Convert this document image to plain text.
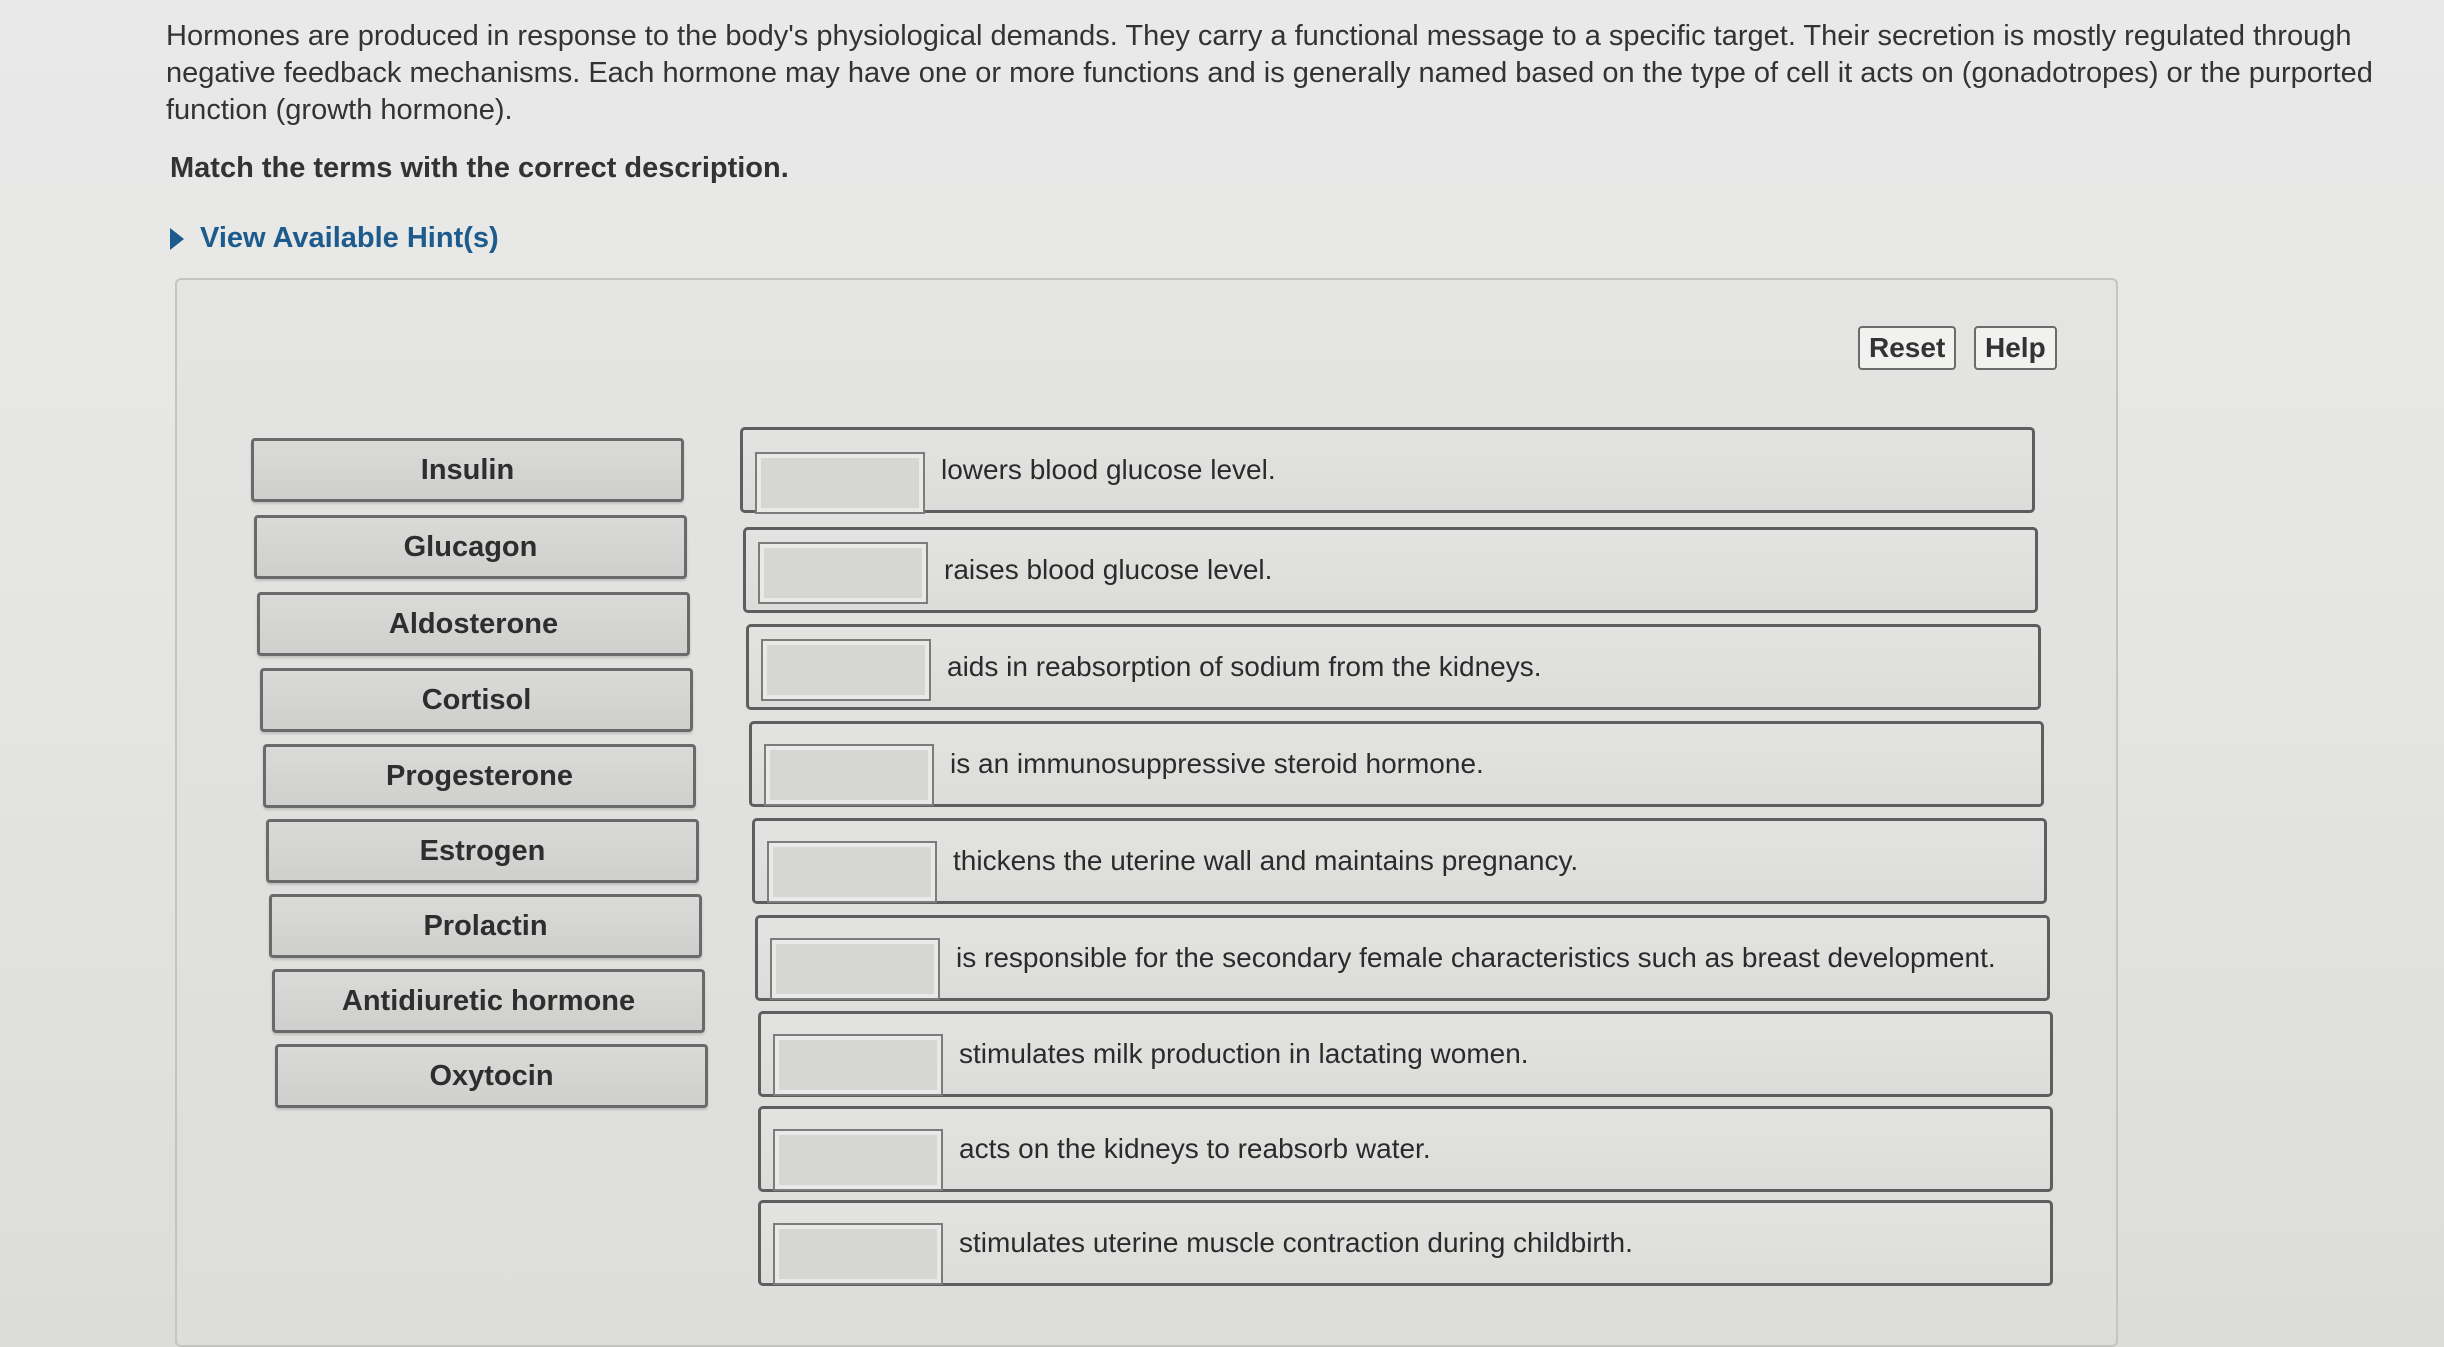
Hormones are produced in response to the body's physiological demands. They carry a functional message to a specific target. Their secretion is mostly regulated through negative feedback mechanisms. Each hormone may have one or more functions and is generally named based on the type of cell it acts on (gonadotropes) or the purported function (growth hormone).
Match the terms with the correct description.
View Available Hint(s)
Reset	Help
Insulin
Glucagon
Aldosterone
Cortisol
Progesterone
Estrogen
Prolactin
Antidiuretic hormone
Oxytocin
lowers blood glucose level.
raises blood glucose level.
aids in reabsorption of sodium from the kidneys.
is an immunosuppressive steroid hormone.
thickens the uterine wall and maintains pregnancy.
is responsible for the secondary female characteristics such as breast development.
stimulates milk production in lactating women.
acts on the kidneys to reabsorb water.
stimulates uterine muscle contraction during childbirth.
